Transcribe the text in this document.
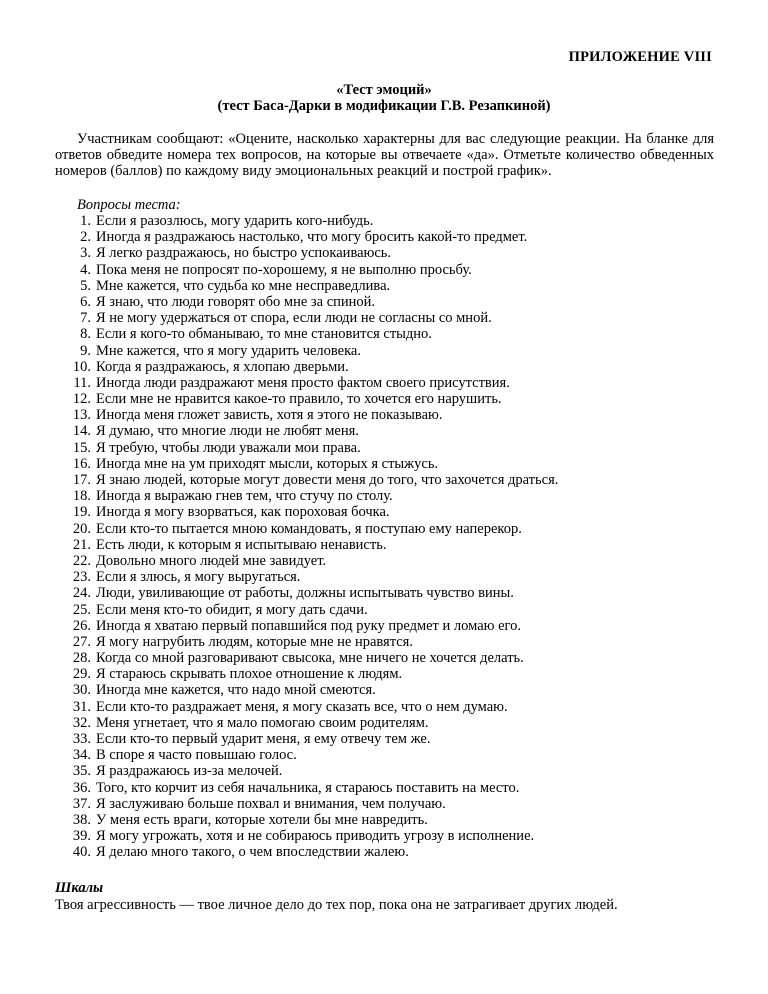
ПРИЛОЖЕНИЕ VIII
«Тест эмоций»
(тест Баса-Дарки в модификации Г.В. Резапкиной)
Участникам сообщают: «Оцените, насколько характерны для вас следующие реакции. На бланке для ответов обведите номера тех вопросов, на которые вы отвечаете «да». Отметьте количество обведенных номеров (баллов) по каждому виду эмоциональных реакций и построй график».
Вопросы теста:
1. Если я разозлюсь, могу ударить кого-нибудь.
2. Иногда я раздражаюсь настолько, что могу бросить какой-то предмет.
3. Я легко раздражаюсь, но быстро успокаиваюсь.
4. Пока меня не попросят по-хорошему, я не выполню просьбу.
5. Мне кажется, что судьба ко мне несправедлива.
6. Я знаю, что люди говорят обо мне за спиной.
7. Я не могу удержаться от спора, если люди не согласны со мной.
8. Если я кого-то обманываю, то мне становится стыдно.
9. Мне кажется, что я могу ударить человека.
10. Когда я раздражаюсь, я хлопаю дверьми.
11. Иногда люди раздражают меня просто фактом своего присутствия.
12. Если мне не нравится какое-то правило, то хочется его нарушить.
13. Иногда меня гложет зависть, хотя я этого не показываю.
14. Я думаю, что многие люди не любят меня.
15. Я требую, чтобы люди уважали мои права.
16. Иногда мне на ум приходят мысли, которых я стыжусь.
17. Я знаю людей, которые могут довести меня до того, что захочется драться.
18. Иногда я выражаю гнев тем, что стучу по столу.
19. Иногда я могу взорваться, как пороховая бочка.
20. Если кто-то пытается мною командовать, я поступаю ему наперекор.
21. Есть люди, к которым я испытываю ненависть.
22. Довольно много людей мне завидует.
23. Если я злюсь, я могу выругаться.
24. Люди, увиливающие от работы, должны испытывать чувство вины.
25. Если меня кто-то обидит, я могу дать сдачи.
26. Иногда я хватаю первый попавшийся под руку предмет и ломаю его.
27. Я могу нагрубить людям, которые мне не нравятся.
28. Когда со мной разговаривают свысока, мне ничего не хочется делать.
29. Я стараюсь скрывать плохое отношение к людям.
30. Иногда мне кажется, что надо мной смеются.
31. Если кто-то раздражает меня, я могу сказать все, что о нем думаю.
32. Меня угнетает, что я мало помогаю своим родителям.
33. Если кто-то первый ударит меня, я ему отвечу тем же.
34. В споре я часто повышаю голос.
35. Я раздражаюсь из-за мелочей.
36. Того, кто корчит из себя начальника, я стараюсь поставить на место.
37. Я заслуживаю больше похвал и внимания, чем получаю.
38. У меня есть враги, которые хотели бы мне навредить.
39. Я могу угрожать, хотя и не собираюсь приводить угрозу в исполнение.
40. Я делаю много такого, о чем впоследствии жалею.
Шкалы
Твоя агрессивность — твое личное дело до тех пор, пока она не затрагивает других людей.
